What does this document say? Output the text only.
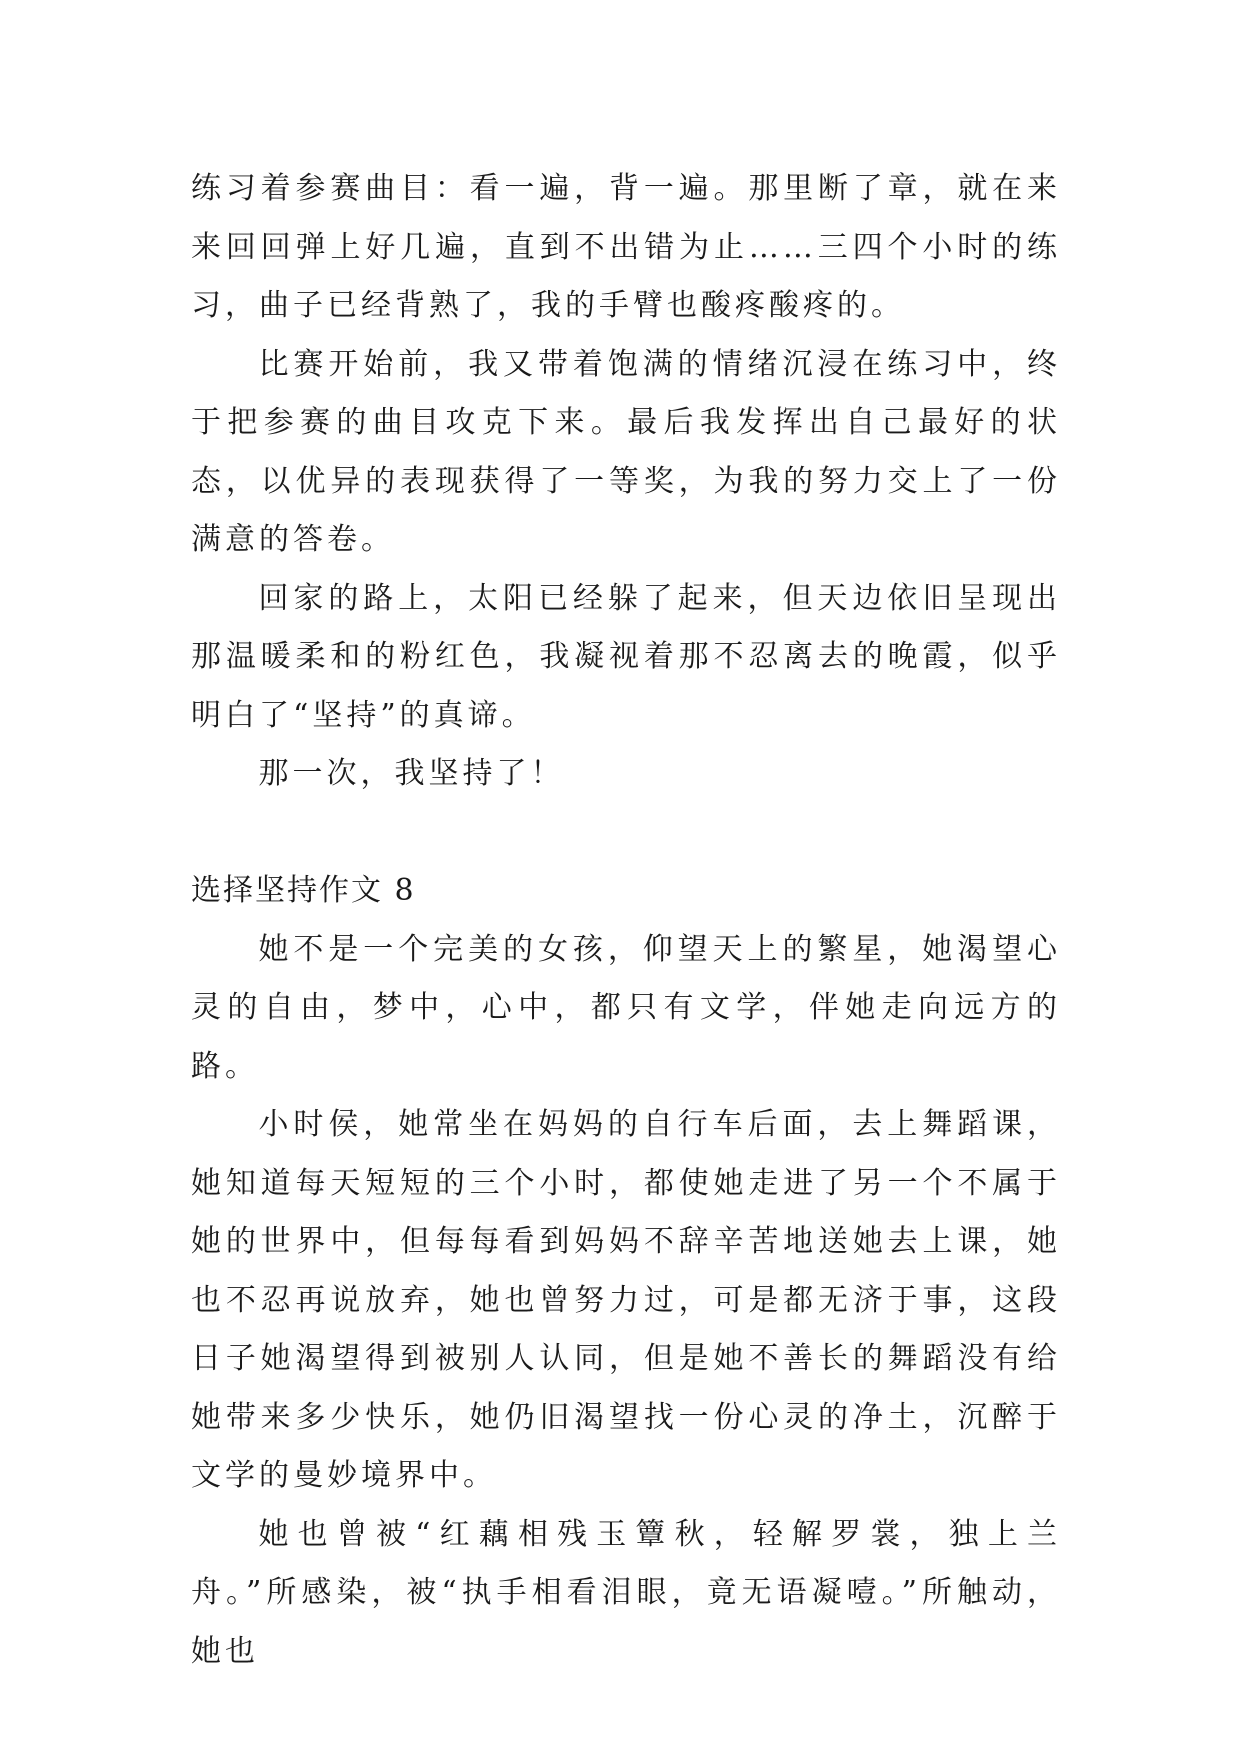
练习着参赛曲目：看一遍，背一遍。那里断了章，就在来来回回弹上好几遍，直到不出错为止……三四个小时的练习，曲子已经背熟了，我的手臂也酸疼酸疼的。

比赛开始前，我又带着饱满的情绪沉浸在练习中，终于把参赛的曲目攻克下来。最后我发挥出自己最好的状态，以优异的表现获得了一等奖，为我的努力交上了一份满意的答卷。

回家的路上，太阳已经躲了起来，但天边依旧呈现出那温暖柔和的粉红色，我凝视着那不忍离去的晚霞，似乎明白了“坚持”的真谛。

那一次，我坚持了！

选择坚持作文 8

她不是一个完美的女孩，仰望天上的繁星，她渴望心灵的自由，梦中，心中，都只有文学，伴她走向远方的路。

小时侯，她常坐在妈妈的自行车后面，去上舞蹈课，她知道每天短短的三个小时，都使她走进了另一个不属于她的世界中，但每每看到妈妈不辞辛苦地送她去上课，她也不忍再说放弃，她也曾努力过，可是都无济于事，这段日子她渴望得到被别人认同，但是她不善长的舞蹈没有给她带来多少快乐，她仍旧渴望找一份心灵的净土，沉醉于文学的曼妙境界中。

她也曾被“红藕相残玉簟秋，轻解罗裳，独上兰舟。”所感染，被“执手相看泪眼，竟无语凝噎。”所触动，她也
